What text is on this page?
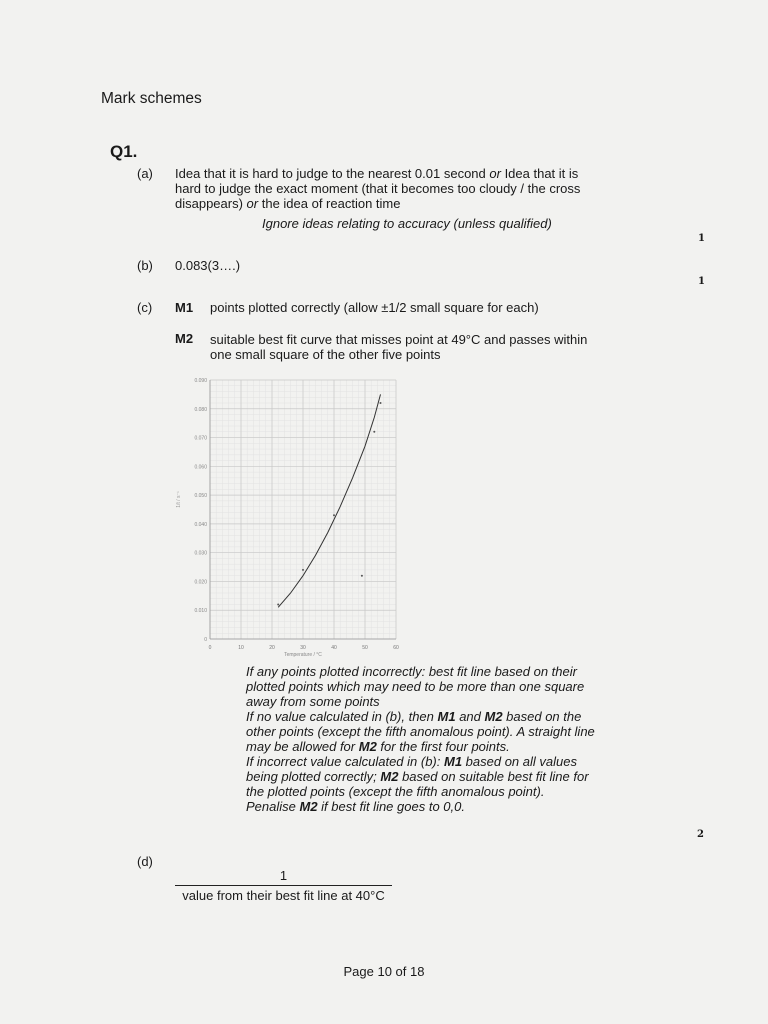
Mark schemes
Q1.
(a) Idea that it is hard to judge to the nearest 0.01 second or Idea that it is
hard to judge the exact moment (that it becomes too cloudy / the cross
disappears) or the idea of reaction time
Ignore ideas relating to accuracy (unless qualified)
1
(b) 0.083(3….)
1
(c) M1 points plotted correctly (allow ±1/2 small square for each)
M2 suitable best fit curve that misses point at 49°C and passes within
one small square of the other five points
0	10	20	30	40	50	60
0
0.010
0.020
0.030
0.040
0.050
0.060
0.070
0.080
0.090
Temperature / °C
1/t / s⁻¹
If any points plotted incorrectly: best fit line based on their
plotted points which may need to be more than one square
away from some points
If no value calculated in (b), then M1 and M2 based on the
other points (except the fifth anomalous point). A straight line
may be allowed for M2 for the first four points.
If incorrect value calculated in (b): M1 based on all values
being plotted correctly; M2 based on suitable best fit line for
the plotted points (except the fifth anomalous point).
Penalise M2 if best fit line goes to 0,0.
2
(d)
1
value from their best fit line at 40°C
Page 10 of 18
